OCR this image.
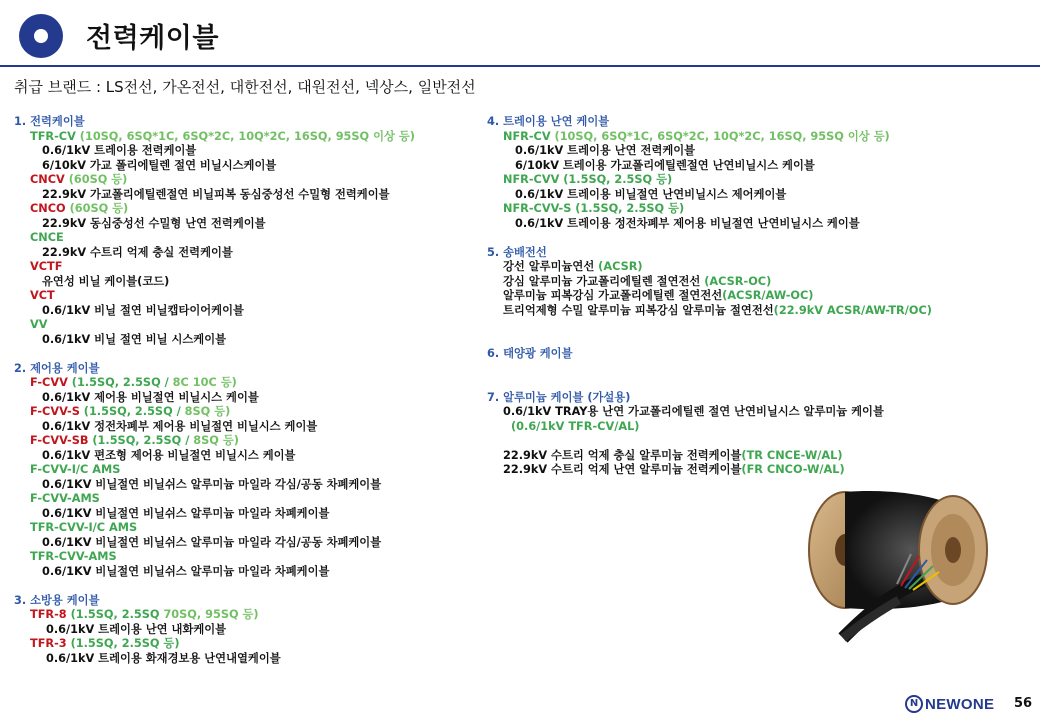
전력케이블
취급 브랜드 : LS전선, 가온전선, 대한전선, 대원전선, 넥상스, 일반전선
1. 전력케이블
TFR-CV (10SQ, 6SQ*1C, 6SQ*2C, 10Q*2C, 16SQ, 95SQ 이상 등)
0.6/1kV 트레이용 전력케이블
6/10kV 가교 폴리에틸렌 절연 비닐시스케이블
CNCV (60SQ 등)
22.9kV 가교폴리에틸렌절연 비닐피복 동심중성선 수밀형 전력케이블
CNCO (60SQ 등)
22.9kV 동심중성선 수밀형 난연 전력케이블
CNCE
22.9kV 수트리 억제 충실 전력케이블
VCTF
유연성 비닐 케이블(코드)
VCT
0.6/1kV 비닐 절연 비닐캡타이어케이블
VV
0.6/1kV 비닐 절연 비닐 시스케이블
2. 제어용 케이블
F-CVV (1.5SQ, 2.5SQ / 8C 10C 등)
0.6/1kV 제어용 비닐절연 비닐시스 케이블
F-CVV-S (1.5SQ, 2.5SQ / 8SQ 등)
0.6/1kV 정전차폐부 제어용 비닐절연 비닐시스 케이블
F-CVV-SB (1.5SQ, 2.5SQ / 8SQ 등)
0.6/1kV 편조형 제어용 비닐절연 비닐시스 케이블
F-CVV-I/C AMS
0.6/1KV 비닐절연 비닐쉬스 알루미늄 마일라 각심/공동 차폐케이블
F-CVV-AMS
0.6/1KV 비닐절연 비닐쉬스 알루미늄 마일라 차폐케이블
TFR-CVV-I/C AMS
0.6/1KV 비닐절연 비닐쉬스 알루미늄 마일라 각심/공동 차폐케이블
TFR-CVV-AMS
0.6/1KV 비닐절연 비닐쉬스 알루미늄 마일라 차폐케이블
3. 소방용 케이블
TFR-8 (1.5SQ, 2.5SQ 70SQ, 95SQ 등)
0.6/1kV 트레이용 난연 내화케이블
TFR-3 (1.5SQ, 2.5SQ 등)
0.6/1kV 트레이용 화재경보용 난연내열케이블
4. 트레이용 난연 케이블
NFR-CV (10SQ, 6SQ*1C, 6SQ*2C, 10Q*2C, 16SQ, 95SQ 이상 등)
0.6/1kV 트레이용 난연 전력케이블
6/10kV 트레이용 가교폴리에틸렌절연 난연비닐시스 케이블
NFR-CVV (1.5SQ, 2.5SQ 등)
0.6/1kV 트레이용 비닐절연 난연비닐시스 제어케이블
NFR-CVV-S (1.5SQ, 2.5SQ 등)
0.6/1kV 트레이용 정전차폐부 제어용 비닐절연 난연비닐시스 케이블
5. 송배전선
강선 알루미늄연선 (ACSR)
강심 알루미늄 가교폴리에틸렌 절연전선 (ACSR-OC)
알루미늄 피복강심 가교폴리에틸렌 절연전선(ACSR/AW-OC)
트리억제형 수밀 알루미늄 피복강심 알루미늄 절연전선(22.9kV ACSR/AW-TR/OC)
6. 태양광 케이블
7. 알루미늄 케이블 (가설용)
0.6/1kV TRAY용 난연 가교폴리에틸렌 절연 난연비닐시스 알루미늄 케이블
(0.6/1kV TFR-CV/AL)
22.9kV 수트리 억제 충실 알루미늄 전력케이블(TR CNCE-W/AL)
22.9kV 수트리 억제 난연 알루미늄 전력케이블(FR CNCO-W/AL)
N NEWONE 56
